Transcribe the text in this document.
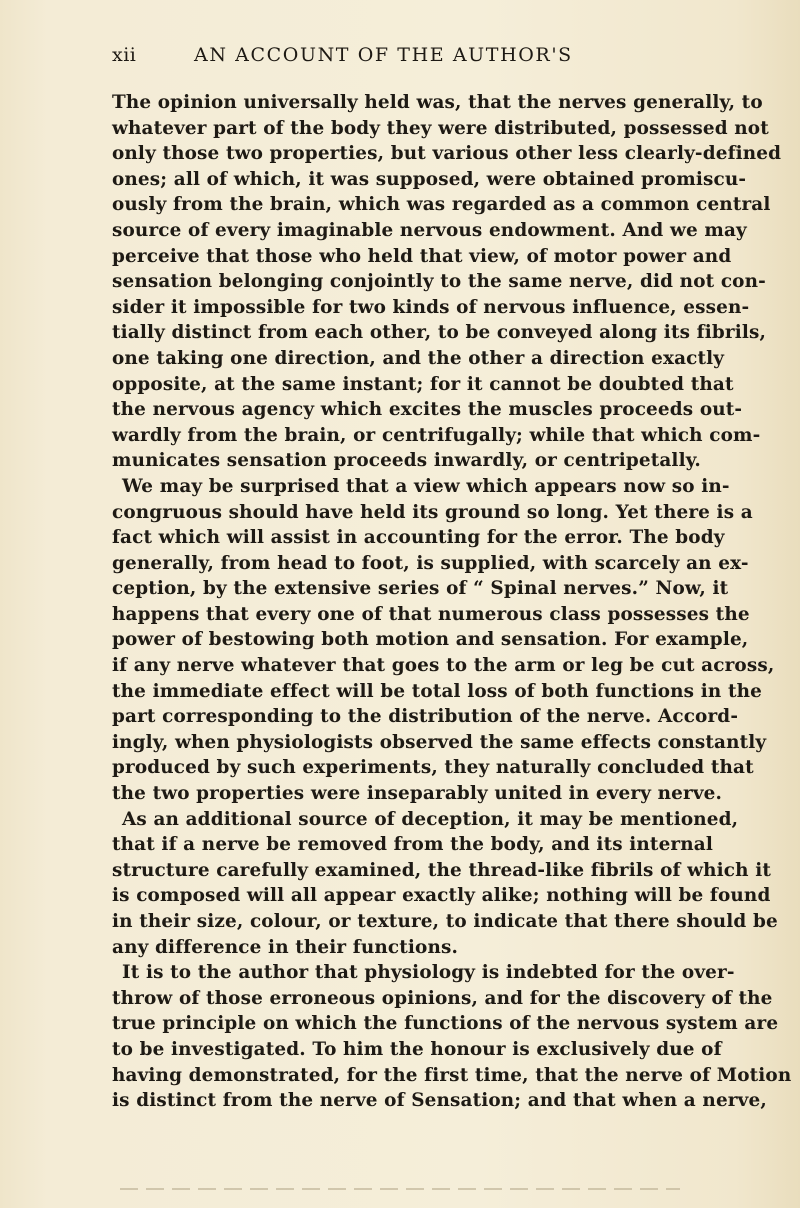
xii	AN ACCOUNT OF THE AUTHOR'S
The opinion universally held was, that the nerves generally, to
whatever part of the body they were distributed, possessed not
only those two properties, but various other less clearly-defined
ones; all of which, it was supposed, were obtained promiscu-
ously from the brain, which was regarded as a common central
source of every imaginable nervous endowment. And we may
perceive that those who held that view, of motor power and
sensation belonging conjointly to the same nerve, did not con-
sider it impossible for two kinds of nervous influence, essen-
tially distinct from each other, to be conveyed along its fibrils,
one taking one direction, and the other a direction exactly
opposite, at the same instant; for it cannot be doubted that
the nervous agency which excites the muscles proceeds out-
wardly from the brain, or centrifugally; while that which com-
municates sensation proceeds inwardly, or centripetally.
We may be surprised that a view which appears now so in-
congruous should have held its ground so long. Yet there is a
fact which will assist in accounting for the error. The body
generally, from head to foot, is supplied, with scarcely an ex-
ception, by the extensive series of “ Spinal nerves.” Now, it
happens that every one of that numerous class possesses the
power of bestowing both motion and sensation. For example,
if any nerve whatever that goes to the arm or leg be cut across,
the immediate effect will be total loss of both functions in the
part corresponding to the distribution of the nerve. Accord-
ingly, when physiologists observed the same effects constantly
produced by such experiments, they naturally concluded that
the two properties were inseparably united in every nerve.
As an additional source of deception, it may be mentioned,
that if a nerve be removed from the body, and its internal
structure carefully examined, the thread-like fibrils of which it
is composed will all appear exactly alike; nothing will be found
in their size, colour, or texture, to indicate that there should be
any difference in their functions.
It is to the author that physiology is indebted for the over-
throw of those erroneous opinions, and for the discovery of the
true principle on which the functions of the nervous system are
to be investigated. To him the honour is exclusively due of
having demonstrated, for the first time, that the nerve of Motion
is distinct from the nerve of Sensation; and that when a nerve,
